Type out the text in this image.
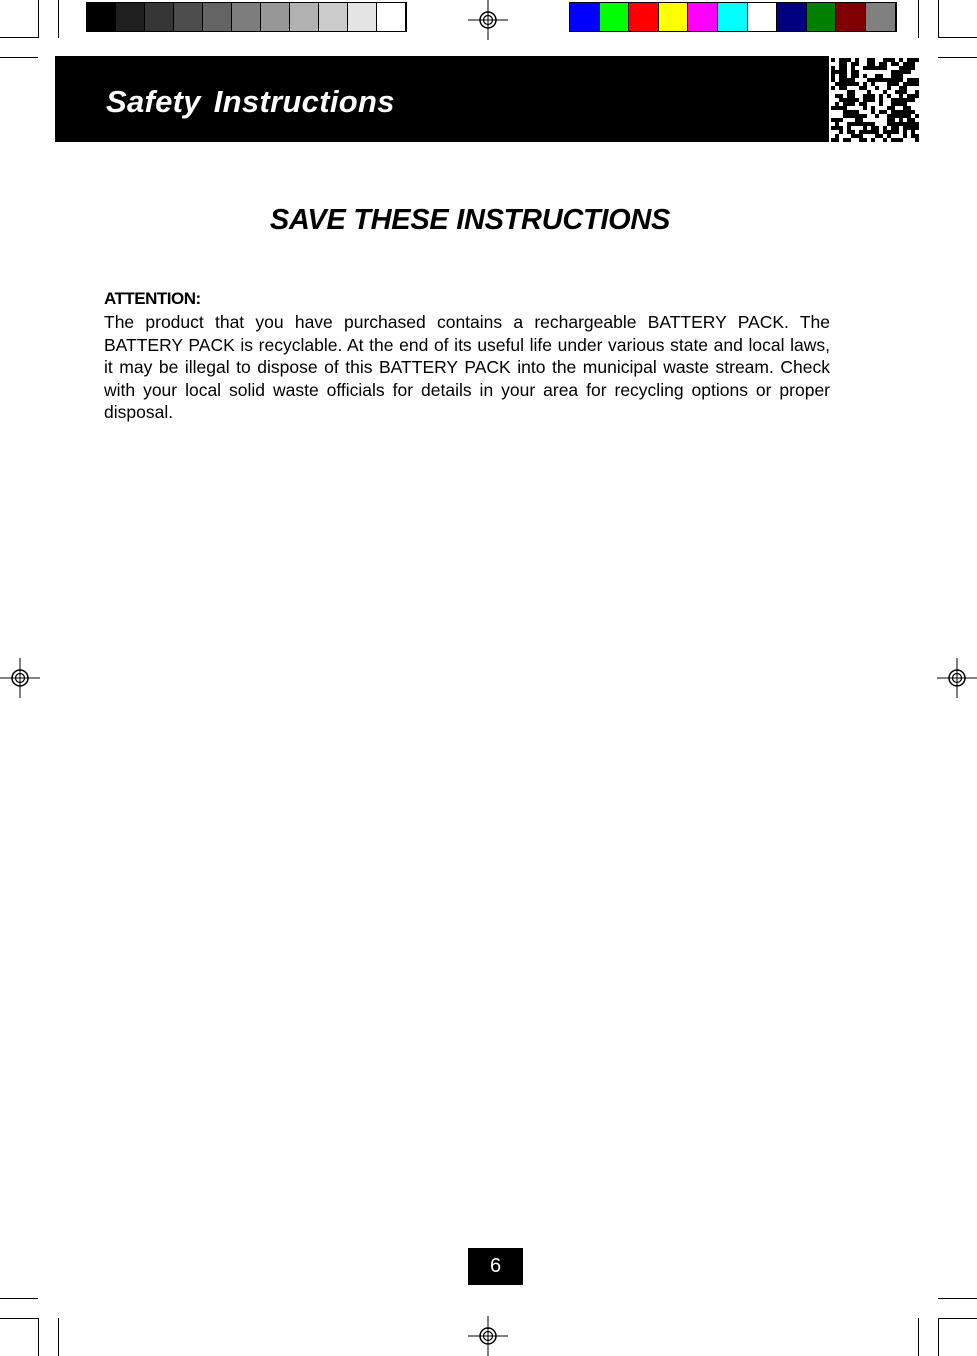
Safety Instructions
SAVE THESE INSTRUCTIONS
ATTENTION:
The product that you have purchased contains a rechargeable BATTERY PACK. The BATTERY PACK is recyclable. At the end of its useful life under various state and local laws, it may be illegal to dispose of this BATTERY PACK into the municipal waste stream. Check with your local solid waste officials for details in your area for recycling options or proper disposal.
6
